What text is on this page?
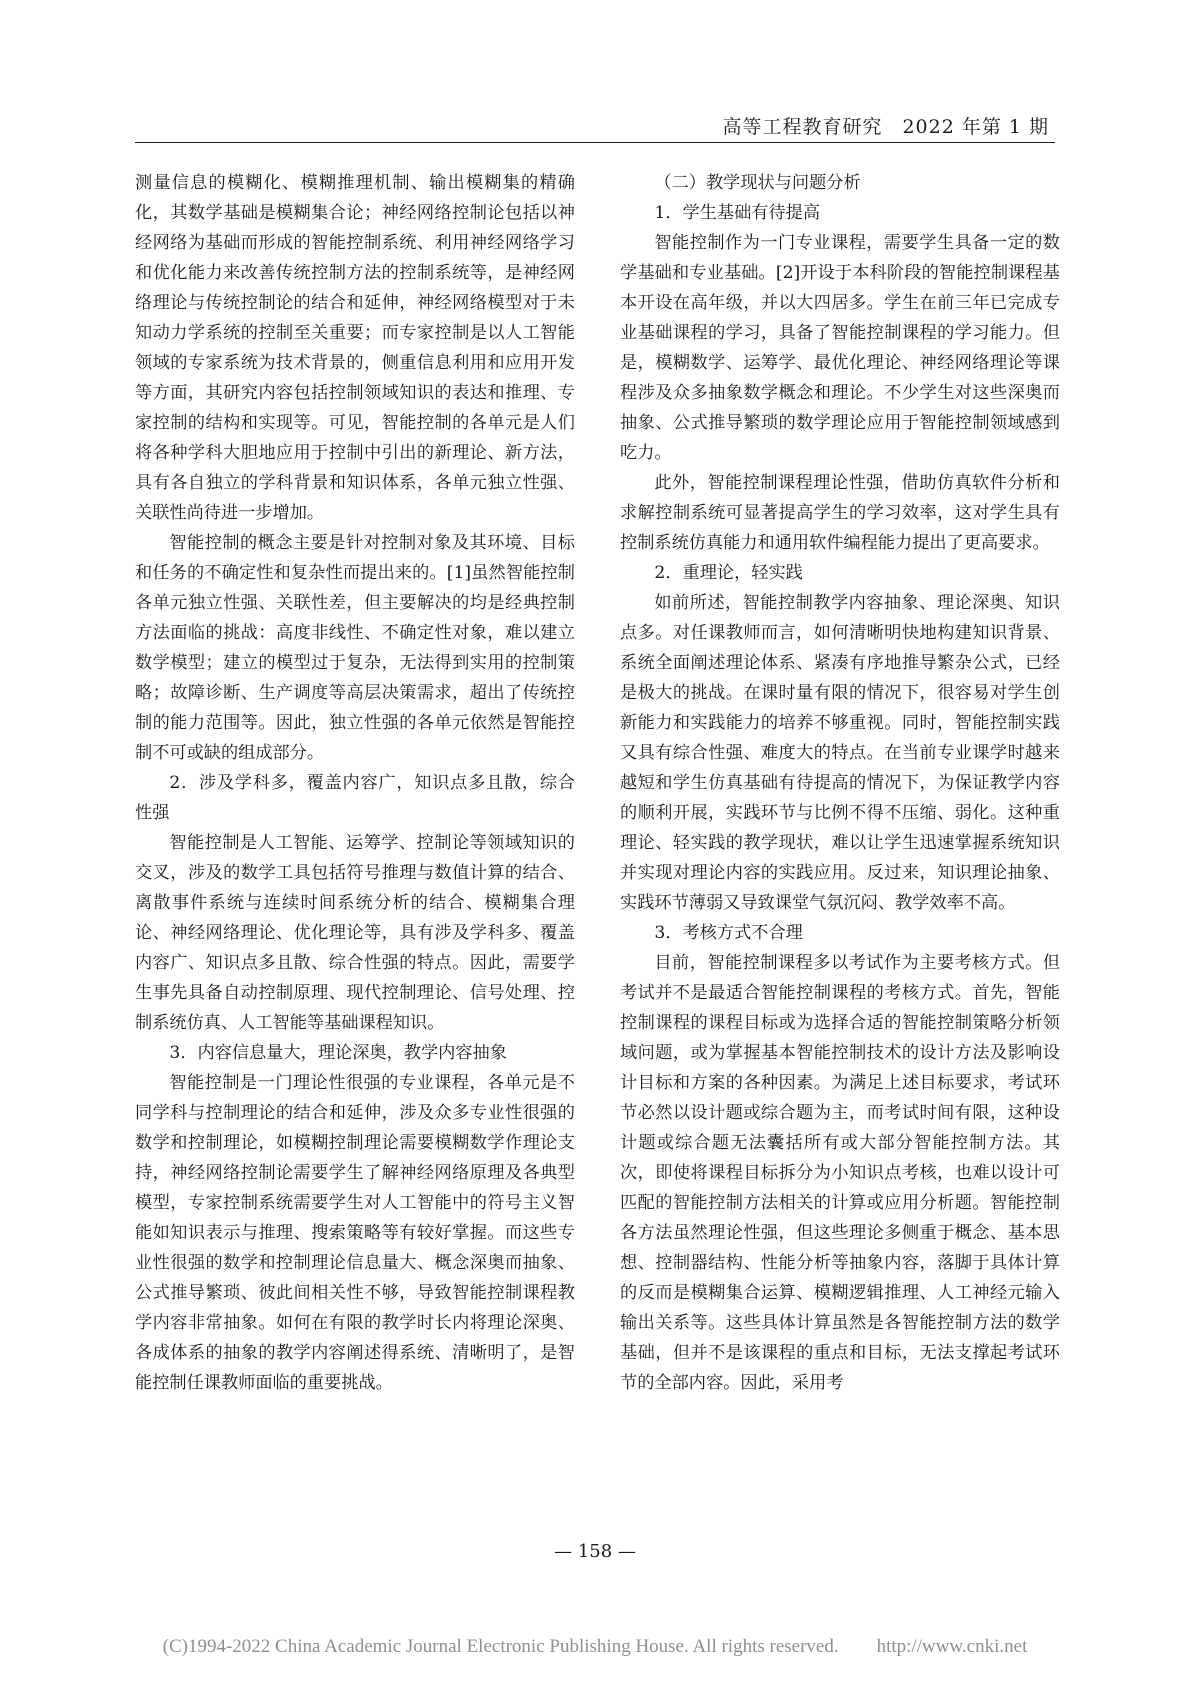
高等工程教育研究　2022 年第 1 期

测量信息的模糊化、模糊推理机制、输出模糊集的精确化，其数学基础是模糊集合论；神经网络控制论包括以神经网络为基础而形成的智能控制系统、利用神经网络学习和优化能力来改善传统控制方法的控制系统等，是神经网络理论与传统控制论的结合和延伸，神经网络模型对于未知动力学系统的控制至关重要；而专家控制是以人工智能领域的专家系统为技术背景的，侧重信息利用和应用开发等方面，其研究内容包括控制领域知识的表达和推理、专家控制的结构和实现等。可见，智能控制的各单元是人们将各种学科大胆地应用于控制中引出的新理论、新方法，具有各自独立的学科背景和知识体系，各单元独立性强、关联性尚待进一步增加。

智能控制的概念主要是针对控制对象及其环境、目标和任务的不确定性和复杂性而提出来的。[1]虽然智能控制各单元独立性强、关联性差，但主要解决的均是经典控制方法面临的挑战：高度非线性、不确定性对象，难以建立数学模型；建立的模型过于复杂，无法得到实用的控制策略；故障诊断、生产调度等高层决策需求，超出了传统控制的能力范围等。因此，独立性强的各单元依然是智能控制不可或缺的组成部分。

2．涉及学科多，覆盖内容广，知识点多且散，综合性强

智能控制是人工智能、运筹学、控制论等领域知识的交叉，涉及的数学工具包括符号推理与数值计算的结合、离散事件系统与连续时间系统分析的结合、模糊集合理论、神经网络理论、优化理论等，具有涉及学科多、覆盖内容广、知识点多且散、综合性强的特点。因此，需要学生事先具备自动控制原理、现代控制理论、信号处理、控制系统仿真、人工智能等基础课程知识。

3．内容信息量大，理论深奥，教学内容抽象

智能控制是一门理论性很强的专业课程，各单元是不同学科与控制理论的结合和延伸，涉及众多专业性很强的数学和控制理论，如模糊控制理论需要模糊数学作理论支持，神经网络控制论需要学生了解神经网络原理及各典型模型，专家控制系统需要学生对人工智能中的符号主义智能如知识表示与推理、搜索策略等有较好掌握。而这些专业性很强的数学和控制理论信息量大、概念深奥而抽象、公式推导繁琐、彼此间相关性不够，导致智能控制课程教学内容非常抽象。如何在有限的教学时长内将理论深奥、各成体系的抽象的教学内容阐述得系统、清晰明了，是智能控制任课教师面临的重要挑战。

（二）教学现状与问题分析

1．学生基础有待提高

智能控制作为一门专业课程，需要学生具备一定的数学基础和专业基础。[2]开设于本科阶段的智能控制课程基本开设在高年级，并以大四居多。学生在前三年已完成专业基础课程的学习，具备了智能控制课程的学习能力。但是，模糊数学、运筹学、最优化理论、神经网络理论等课程涉及众多抽象数学概念和理论。不少学生对这些深奥而抽象、公式推导繁琐的数学理论应用于智能控制领域感到吃力。

此外，智能控制课程理论性强，借助仿真软件分析和求解控制系统可显著提高学生的学习效率，这对学生具有控制系统仿真能力和通用软件编程能力提出了更高要求。

2．重理论，轻实践

如前所述，智能控制教学内容抽象、理论深奥、知识点多。对任课教师而言，如何清晰明快地构建知识背景、系统全面阐述理论体系、紧凑有序地推导繁杂公式，已经是极大的挑战。在课时量有限的情况下，很容易对学生创新能力和实践能力的培养不够重视。同时，智能控制实践又具有综合性强、难度大的特点。在当前专业课学时越来越短和学生仿真基础有待提高的情况下，为保证教学内容的顺利开展，实践环节与比例不得不压缩、弱化。这种重理论、轻实践的教学现状，难以让学生迅速掌握系统知识并实现对理论内容的实践应用。反过来，知识理论抽象、实践环节薄弱又导致课堂气氛沉闷、教学效率不高。

3．考核方式不合理

目前，智能控制课程多以考试作为主要考核方式。但考试并不是最适合智能控制课程的考核方式。首先，智能控制课程的课程目标或为选择合适的智能控制策略分析领域问题，或为掌握基本智能控制技术的设计方法及影响设计目标和方案的各种因素。为满足上述目标要求，考试环节必然以设计题或综合题为主，而考试时间有限，这种设计题或综合题无法囊括所有或大部分智能控制方法。其次，即使将课程目标拆分为小知识点考核，也难以设计可匹配的智能控制方法相关的计算或应用分析题。智能控制各方法虽然理论性强，但这些理论多侧重于概念、基本思想、控制器结构、性能分析等抽象内容，落脚于具体计算的反而是模糊集合运算、模糊逻辑推理、人工神经元输入输出关系等。这些具体计算虽然是各智能控制方法的数学基础，但并不是该课程的重点和目标，无法支撑起考试环节的全部内容。因此，采用考

— 158 —
(C)1994-2022 China Academic Journal Electronic Publishing House. All rights reserved.　　http://www.cnki.net
